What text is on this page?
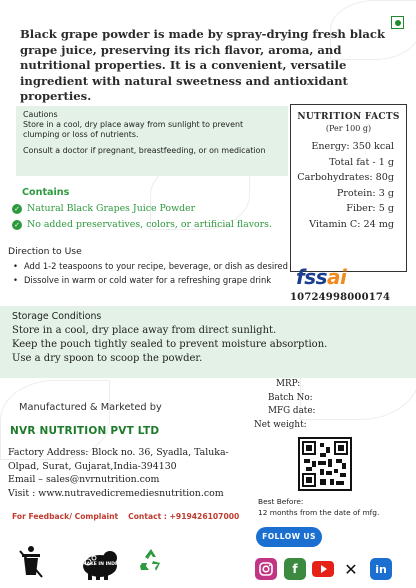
Black grape powder is made by spray-drying fresh black grape juice, preserving its rich flavor, aroma, and nutritional properties. It is a convenient, versatile ingredient with natural sweetness and antioxidant properties.
Cautions

Store in a cool, dry place away from sunlight to prevent clumping or loss of nutrients.

Consult a doctor if pregnant, breastfeeding, or on medication

NUTRITION FACTS
(Per 100 g)
Energy: 350 kcal
Total fat - 1 g
Carbohydrates: 80g
Protein: 3 g
Fiber: 5 g
Vitamin C: 24 mg
Contains
✓ Natural Black Grapes Juice Powder
✓ No added preservatives, colors, or artificial flavors.
Direction to Use
• Add 1-2 teaspoons to your recipe, beverage, or dish as desired
• Dissolve in warm or cold water for a refreshing grape drink fssai
10724998000174
Storage Conditions
Store in a cool, dry place away from direct sunlight.
Keep the pouch tightly sealed to prevent moisture absorption.
Use a dry spoon to scoop the powder.
Manufactured & Marketed by
NVR NUTRITION PVT LTD
Factory Address: Block no. 36, Syadla, Taluka-
Olpad, Surat, Gujarat,India-394130
Email – sales@nvrnutrition.com
Visit : www.nutravedicremediesnutrition.com
For Feedback/ Complaint Contact : +919426107000
MRP:
Batch No:
MFG date:
Net weight:
Best Before:
12 months from the date of mfg.
FOLLOW US
MAKE IN INDIA	f	✕	in
